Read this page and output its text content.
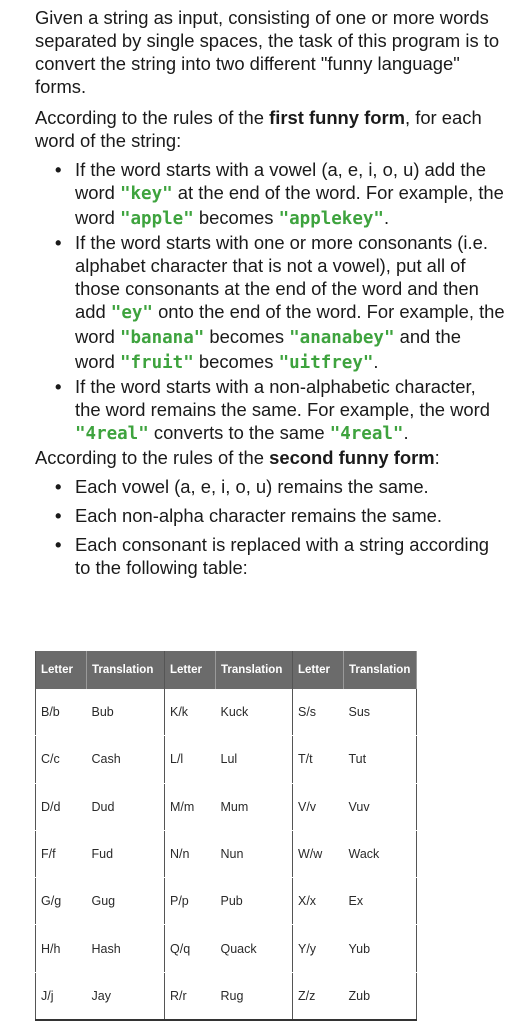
Given a string as input, consisting of one or more words separated by single spaces, the task of this program is to convert the string into two different "funny language" forms.

According to the rules of the first funny form, for each word of the string:

• If the word starts with a vowel (a, e, i, o, u) add the word "key" at the end of the word. For example, the word "apple" becomes "applekey".
• If the word starts with one or more consonants (i.e. alphabet character that is not a vowel), put all of those consonants at the end of the word and then add "ey" onto the end of the word. For example, the word "banana" becomes "ananabey" and the word "fruit" becomes "uitfrey".
• If the word starts with a non-alphabetic character, the word remains the same. For example, the word "4real" converts to the same "4real".

According to the rules of the second funny form:

• Each vowel (a, e, i, o, u) remains the same.
• Each non-alpha character remains the same.
• Each consonant is replaced with a string according to the following table:
Letter	Translation	Letter	Translation	Letter	Translation
B/b	Bub	K/k	Kuck	S/s	Sus
C/c	Cash	L/l	Lul	T/t	Tut
D/d	Dud	M/m	Mum	V/v	Vuv
F/f	Fud	N/n	Nun	W/w	Wack
G/g	Gug	P/p	Pub	X/x	Ex
H/h	Hash	Q/q	Quack	Y/y	Yub
J/j	Jay	R/r	Rug	Z/z	Zub
